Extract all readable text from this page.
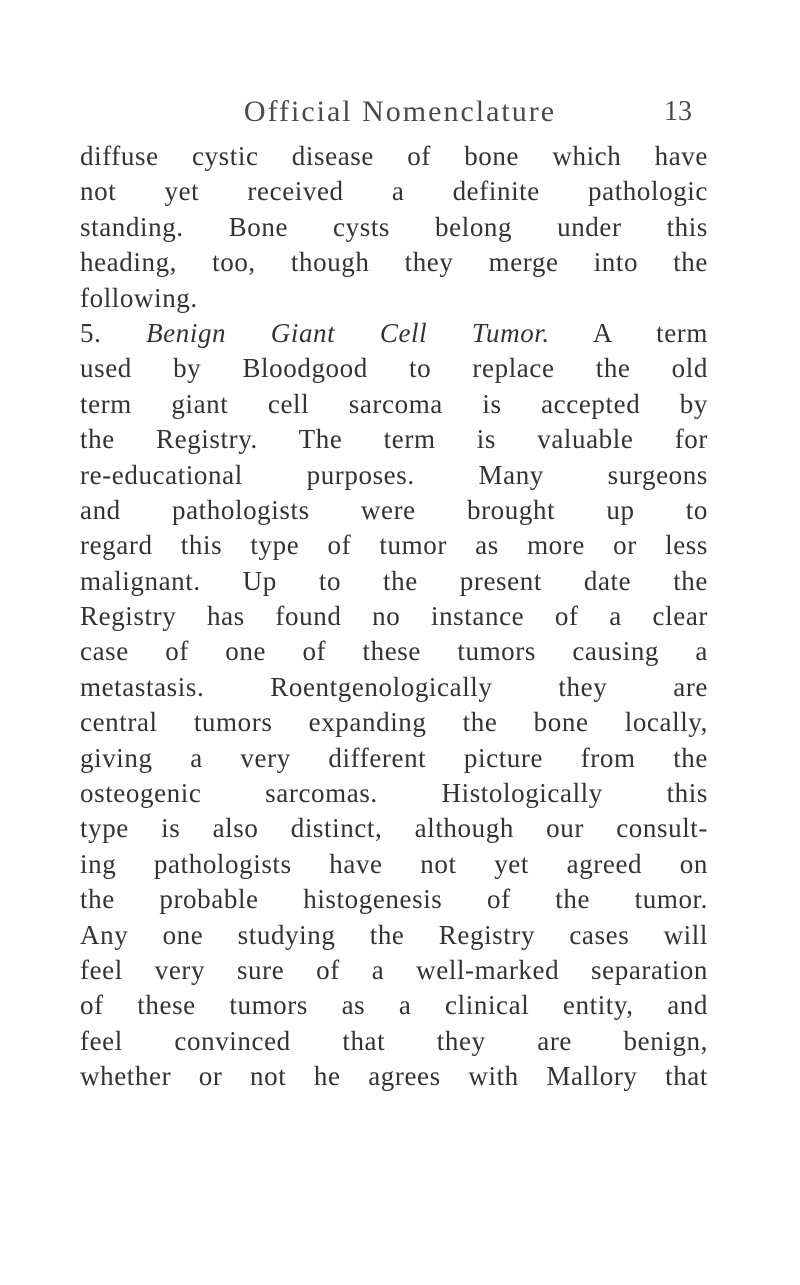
Official Nomenclature	13
diffuse cystic disease of bone which have
not yet received a definite pathologic
standing. Bone cysts belong under this
heading, too, though they merge into the
following.
5. Benign Giant Cell Tumor. A term
used by Bloodgood to replace the old
term giant cell sarcoma is accepted by
the Registry. The term is valuable for
re-educational purposes. Many surgeons
and pathologists were brought up to
regard this type of tumor as more or less
malignant. Up to the present date the
Registry has found no instance of a clear
case of one of these tumors causing a
metastasis. Roentgenologically they are
central tumors expanding the bone locally,
giving a very different picture from the
osteogenic sarcomas. Histologically this
type is also distinct, although our consult-
ing pathologists have not yet agreed on
the probable histogenesis of the tumor.
Any one studying the Registry cases will
feel very sure of a well-marked separation
of these tumors as a clinical entity, and
feel convinced that they are benign,
whether or not he agrees with Mallory that
